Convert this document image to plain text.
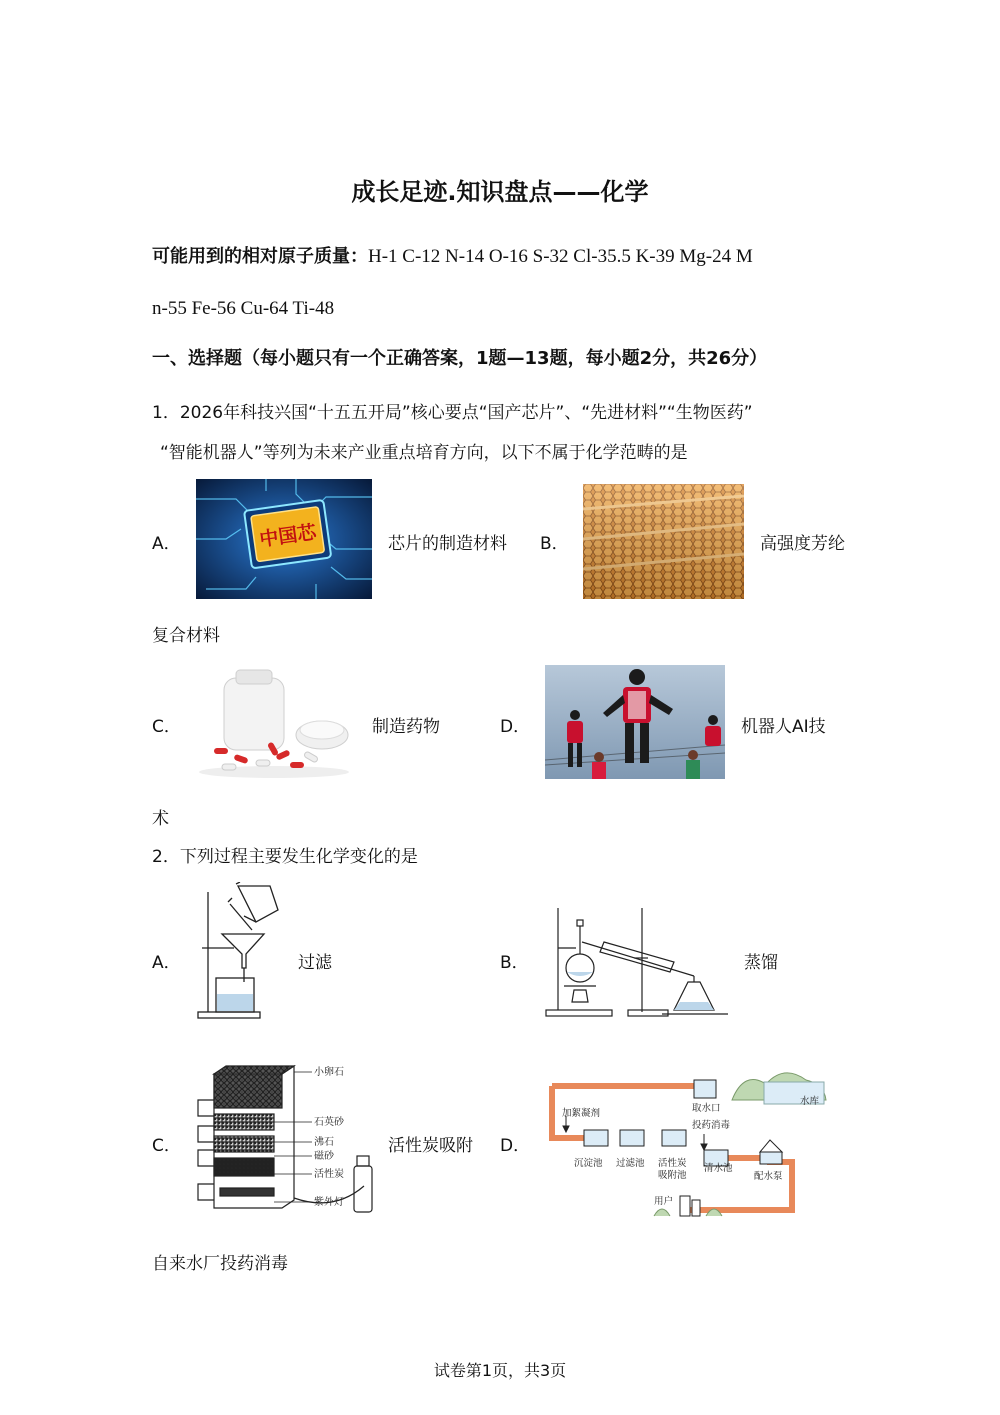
成长足迹.知识盘点——化学
可能用到的相对原子质量：H-1 C-12 N-14 O-16 S-32 Cl-35.5 K-39 Mg-24 M
n-55 Fe-56 Cu-64 Ti-48
一、选择题（每小题只有一个正确答案，1题—13题，每小题2分，共26分）
1．2026年科技兴国“十五五开局”核心要点“国产芯片”、“先进材料”“生物医药”
“智能机器人”等列为未来产业重点培育方向，以下不属于化学范畴的是
A．	中国芯	芯片的制造材料 B．	高强度芳纶
复合材料
C．	制造药物	D．	机器人AI技
术
2．下列过程主要发生化学变化的是
A．	过滤	B．	蒸馏
C．
小卵石
石英砂
沸石
磁砂
活性炭
紫外灯
活性炭吸附 D．
加絮凝剂	取水口
水库
投药消毒
沉淀池 过滤池 活性炭
吸附池
清水池
配水泵
用户
自来水厂投药消毒
试卷第1页，共3页
